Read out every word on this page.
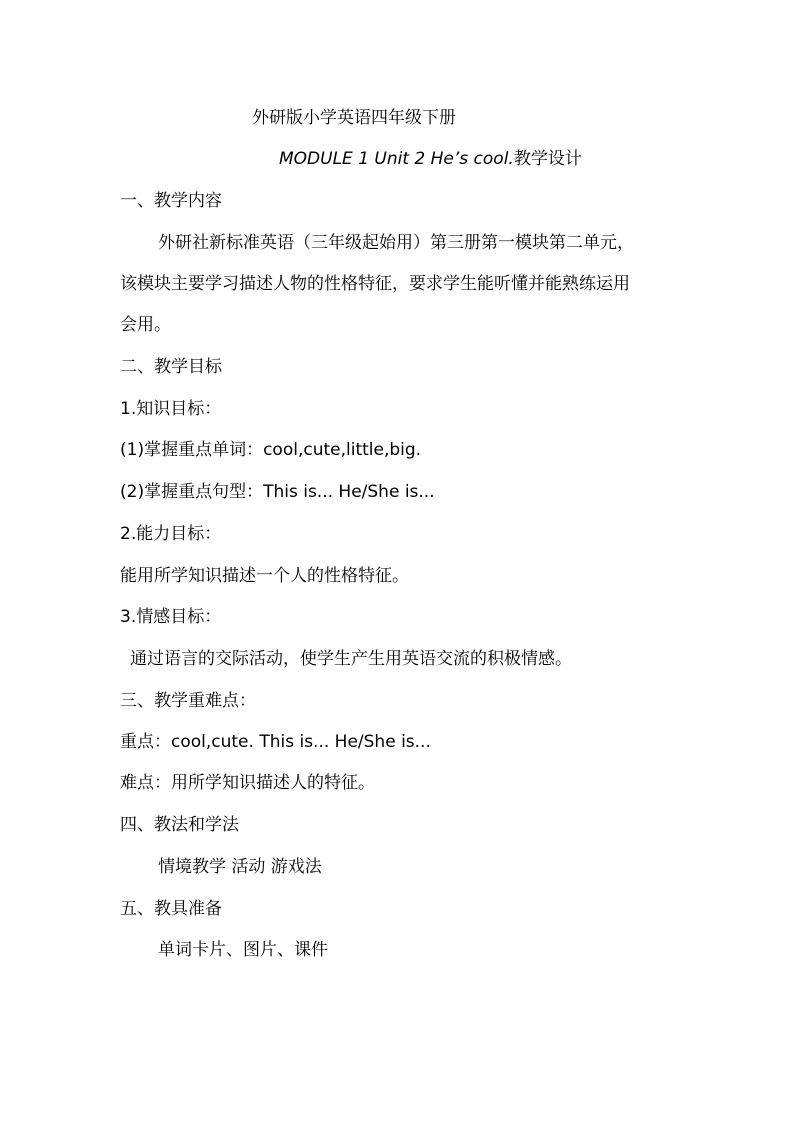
外研版小学英语四年级下册
MODULE 1 Unit 2 He’s cool.教学设计
一、教学内容
外研社新标准英语（三年级起始用）第三册第一模块第二单元，
该模块主要学习描述人物的性格特征，要求学生能听懂并能熟练运用
会用。
二、教学目标
1.知识目标：
(1)掌握重点单词：cool,cute,little,big.
(2)掌握重点句型：This is... He/She is...
2.能力目标：
能用所学知识描述一个人的性格特征。
3.情感目标：
通过语言的交际活动，使学生产生用英语交流的积极情感。
三、教学重难点：
重点：cool,cute. This is... He/She is...
难点：用所学知识描述人的特征。
四、教法和学法
情境教学 活动 游戏法
五、教具准备
单词卡片、图片、课件
